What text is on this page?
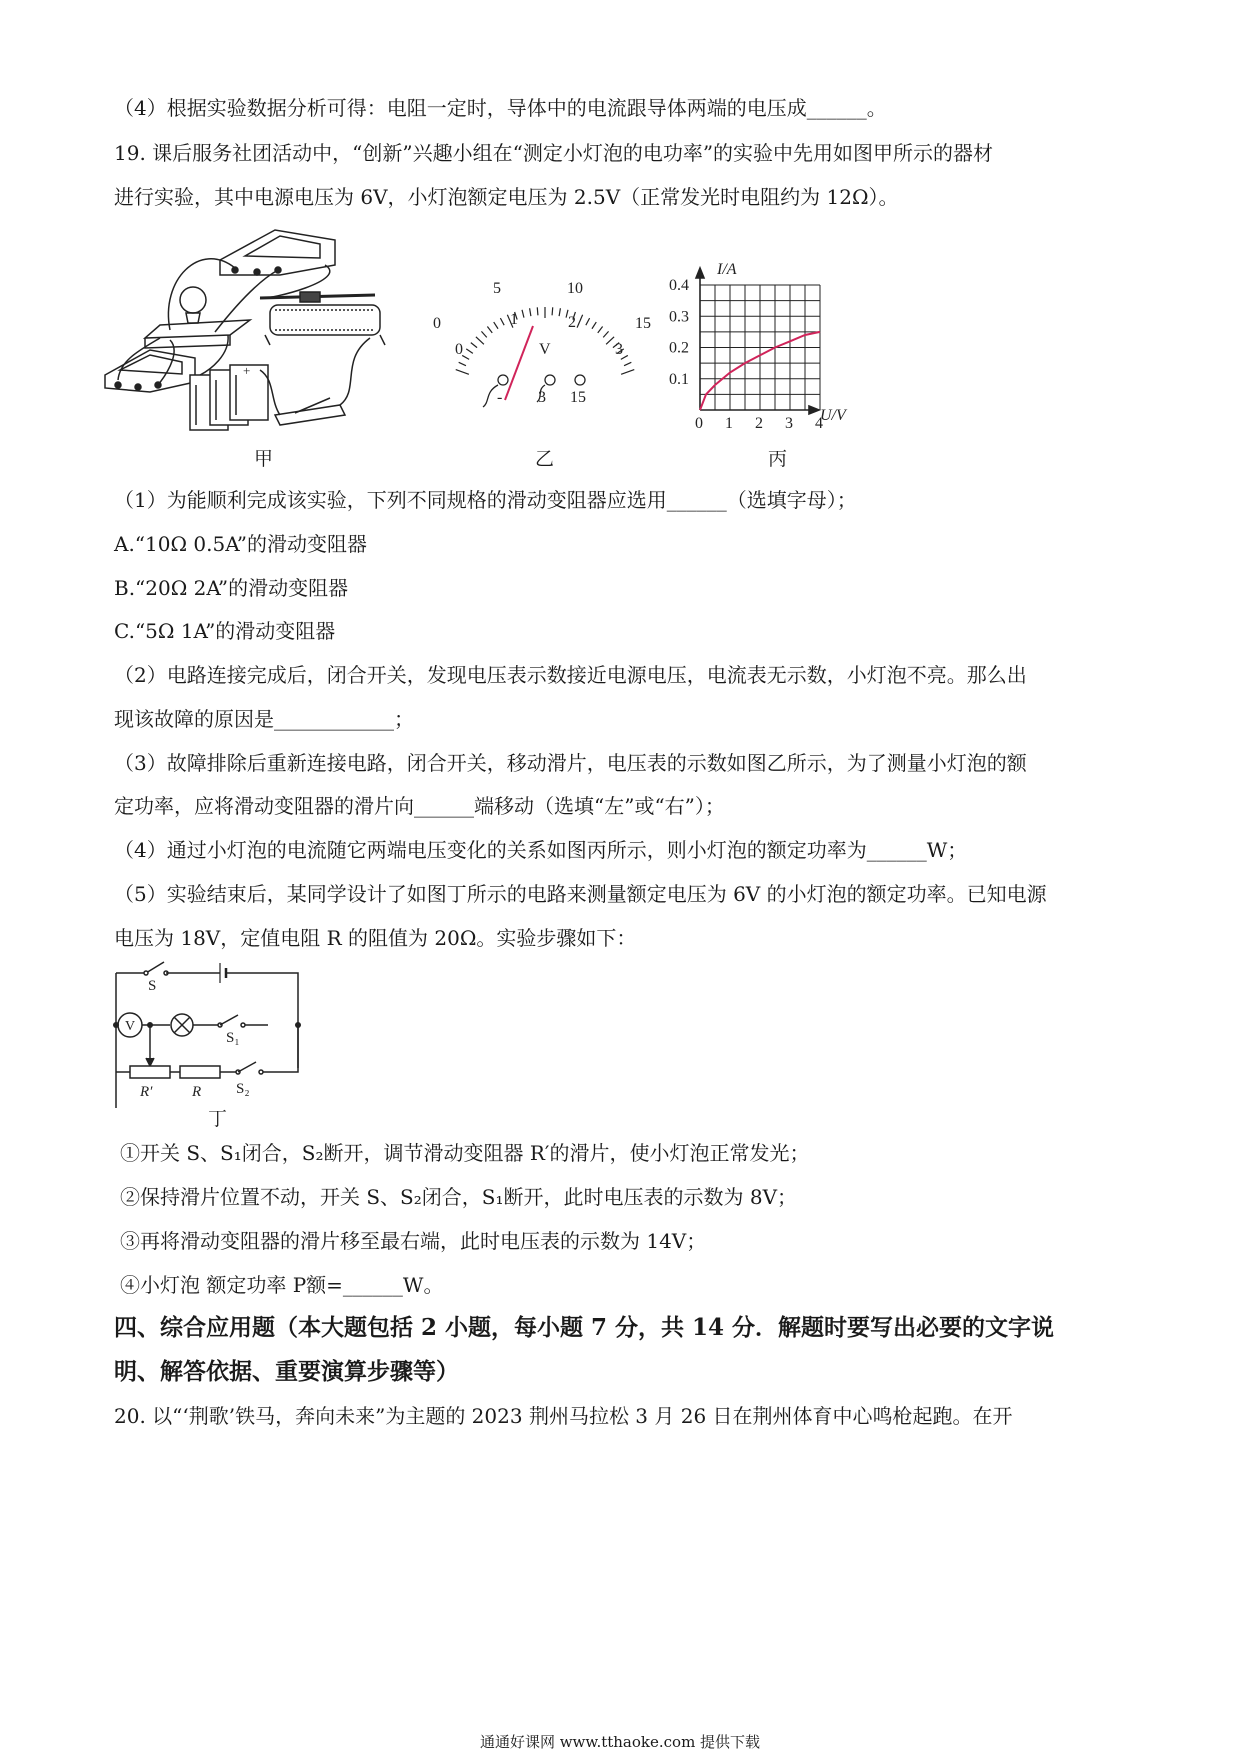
（4）根据实验数据分析可得：电阻一定时，导体中的电流跟导体两端的电压成______。
19. 课后服务社团活动中，“创新”兴趣小组在“测定小灯泡的电功率”的实验中先用如图甲所示的器材
进行实验，其中电源电压为 6V，小灯泡额定电压为 2.5V（正常发光时电阻约为 12Ω）。
-	+
甲
0
5	10
15
0
1	2
3
V
- 3 15
乙
0 1 2 3 4
0.1
0.2
0.3
0.4
I/A
U/V
丙
（1）为能顺利完成该实验，下列不同规格的滑动变阻器应选用______（选填字母）；
A.“10Ω 0.5A”的滑动变阻器
B.“20Ω 2A”的滑动变阻器
C.“5Ω 1A”的滑动变阻器
（2）电路连接完成后，闭合开关，发现电压表示数接近电源电压，电流表无示数，小灯泡不亮。那么出
现该故障的原因是____________；
（3）故障排除后重新连接电路，闭合开关，移动滑片，电压表的示数如图乙所示，为了测量小灯泡的额
定功率，应将滑动变阻器的滑片向______端移动（选填“左”或“右”）；
（4）通过小灯泡的电流随它两端电压变化的关系如图丙所示，则小灯泡的额定功率为______W；
（5）实验结束后，某同学设计了如图丁所示的电路来测量额定电压为 6V 的小灯泡的额定功率。已知电源
电压为 18V，定值电阻 R 的阻值为 20Ω。实验步骤如下：
S
V
S₁
R′	R S₂
丁
①开关 S、S₁闭合，S₂断开，调节滑动变阻器 R′的滑片，使小灯泡正常发光；
②保持滑片位置不动，开关 S、S₂闭合，S₁断开，此时电压表的示数为 8V；
③再将滑动变阻器的滑片移至最右端，此时电压表的示数为 14V；
④小灯泡 额定功率 P额=______W。
四、综合应用题（本大题包括 2 小题，每小题 7 分，共 14 分．解题时要写出必要的文字说
明、解答依据、重要演算步骤等）
20. 以“‘荆歌’铁马，奔向未来”为主题的 2023 荆州马拉松 3 月 26 日在荆州体育中心鸣枪起跑。在开
通通好课网 www.tthaoke.com 提供下载
